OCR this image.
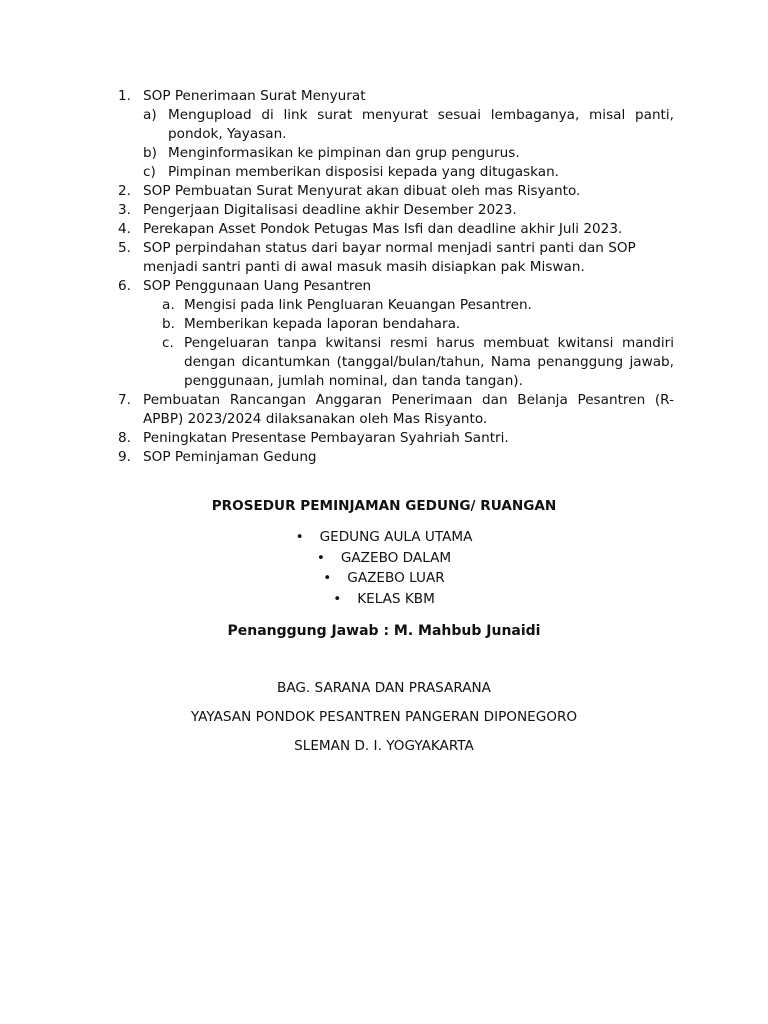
1. SOP Penerimaan Surat Menyurat
a) Mengupload di link surat menyurat sesuai lembaganya, misal panti, pondok, Yayasan.
b) Menginformasikan ke pimpinan dan grup pengurus.
c) Pimpinan memberikan disposisi kepada yang ditugaskan.
2. SOP Pembuatan Surat Menyurat akan dibuat oleh mas Risyanto.
3. Pengerjaan Digitalisasi deadline akhir Desember 2023.
4. Perekapan Asset Pondok Petugas Mas Isfi dan deadline akhir Juli 2023.
5. SOP perpindahan status dari bayar normal menjadi santri panti dan SOP menjadi santri panti di awal masuk masih disiapkan pak Miswan.
6. SOP Penggunaan Uang Pesantren
a. Mengisi pada link Pengluaran Keuangan Pesantren.
b. Memberikan kepada laporan bendahara.
c. Pengeluaran tanpa kwitansi resmi harus membuat kwitansi mandiri dengan dicantumkan (tanggal/bulan/tahun, Nama penanggung jawab, penggunaan, jumlah nominal, dan tanda tangan).
7. Pembuatan Rancangan Anggaran Penerimaan dan Belanja Pesantren (R-APBP) 2023/2024 dilaksanakan oleh Mas Risyanto.
8. Peningkatan Presentase Pembayaran Syahriah Santri.
9. SOP Peminjaman Gedung
PROSEDUR PEMINJAMAN GEDUNG/ RUANGAN
• GEDUNG AULA UTAMA
• GAZEBO DALAM
• GAZEBO LUAR
• KELAS KBM
Penanggung Jawab : M. Mahbub Junaidi
BAG. SARANA DAN PRASARANA
YAYASAN PONDOK PESANTREN PANGERAN DIPONEGORO
SLEMAN D. I. YOGYAKARTA
